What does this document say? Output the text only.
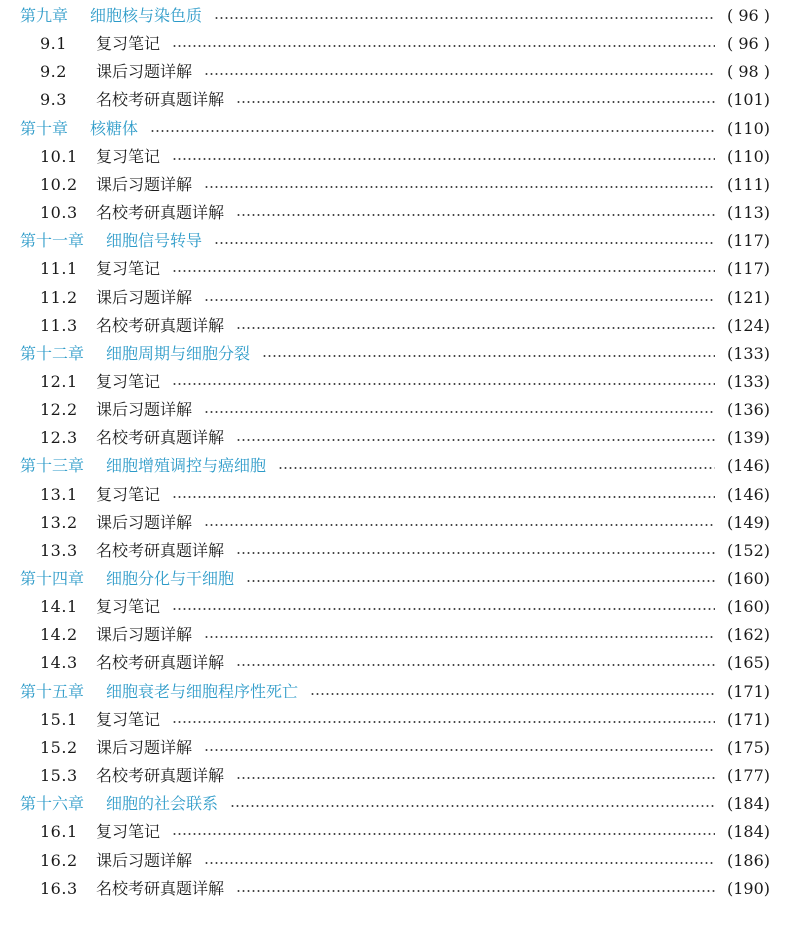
第九章 细胞核与染色质	( 96 )
9.1	复习笔记	( 96 )
9.2	课后习题详解	( 98 )
9.3	名校考研真题详解	(101)
第十章 核糖体	(110)
10.1	复习笔记	(110)
10.2	课后习题详解	(111)
10.3	名校考研真题详解	(113)
第十一章 细胞信号转导	(117)
11.1	复习笔记	(117)
11.2	课后习题详解	(121)
11.3	名校考研真题详解	(124)
第十二章 细胞周期与细胞分裂	(133)
12.1	复习笔记	(133)
12.2	课后习题详解	(136)
12.3	名校考研真题详解	(139)
第十三章 细胞增殖调控与癌细胞	(146)
13.1	复习笔记	(146)
13.2	课后习题详解	(149)
13.3	名校考研真题详解	(152)
第十四章 细胞分化与干细胞	(160)
14.1	复习笔记	(160)
14.2	课后习题详解	(162)
14.3	名校考研真题详解	(165)
第十五章 细胞衰老与细胞程序性死亡	(171)
15.1	复习笔记	(171)
15.2	课后习题详解	(175)
15.3	名校考研真题详解	(177)
第十六章 细胞的社会联系	(184)
16.1	复习笔记	(184)
16.2	课后习题详解	(186)
16.3	名校考研真题详解	(190)
